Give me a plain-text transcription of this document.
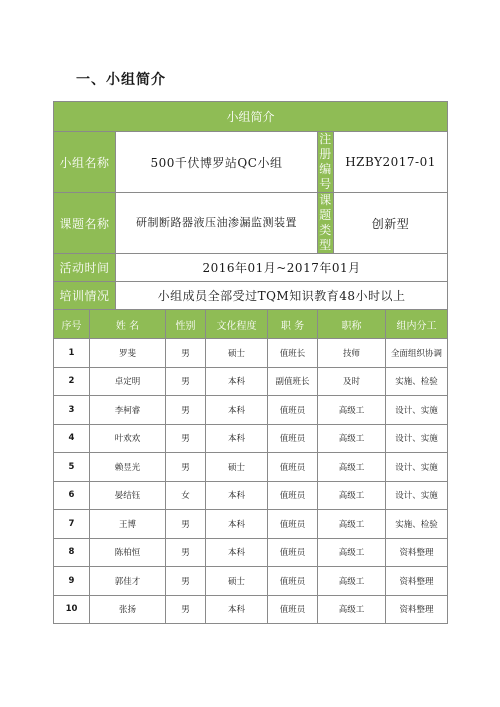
一、小组简介
小组简介								
小组名称		500千伏博罗站QC小组				注册编号	HZBY2017-01	
课题名称		研制断路器液压油渗漏监测装置				课题类型	创新型	
活动时间		2016年01月~2017年01月						
培训情况		小组成员全部受过TQM知识教育48小时以上						
序号	姓 名		性别	文化程度	职 务	职称		组内分工
1	罗斐		男	硕士	值班长	技师		全面组织协调
2	卓定明		男	本科	副值班长	及时		实施、检验
3	李柯睿		男	本科	值班员	高级工		设计、实施
4	叶欢欢		男	本科	值班员	高级工		设计、实施
5	赖昱光		男	硕士	值班员	高级工		设计、实施
6	晏结钰		女	本科	值班员	高级工		设计、实施
7	王博		男	本科	值班员	高级工		实施、检验
8	陈柏恒		男	本科	值班员	高级工		资料整理
9	郭佳才		男	硕士	值班员	高级工		资料整理
10	张扬		男	本科	值班员	高级工		资料整理
